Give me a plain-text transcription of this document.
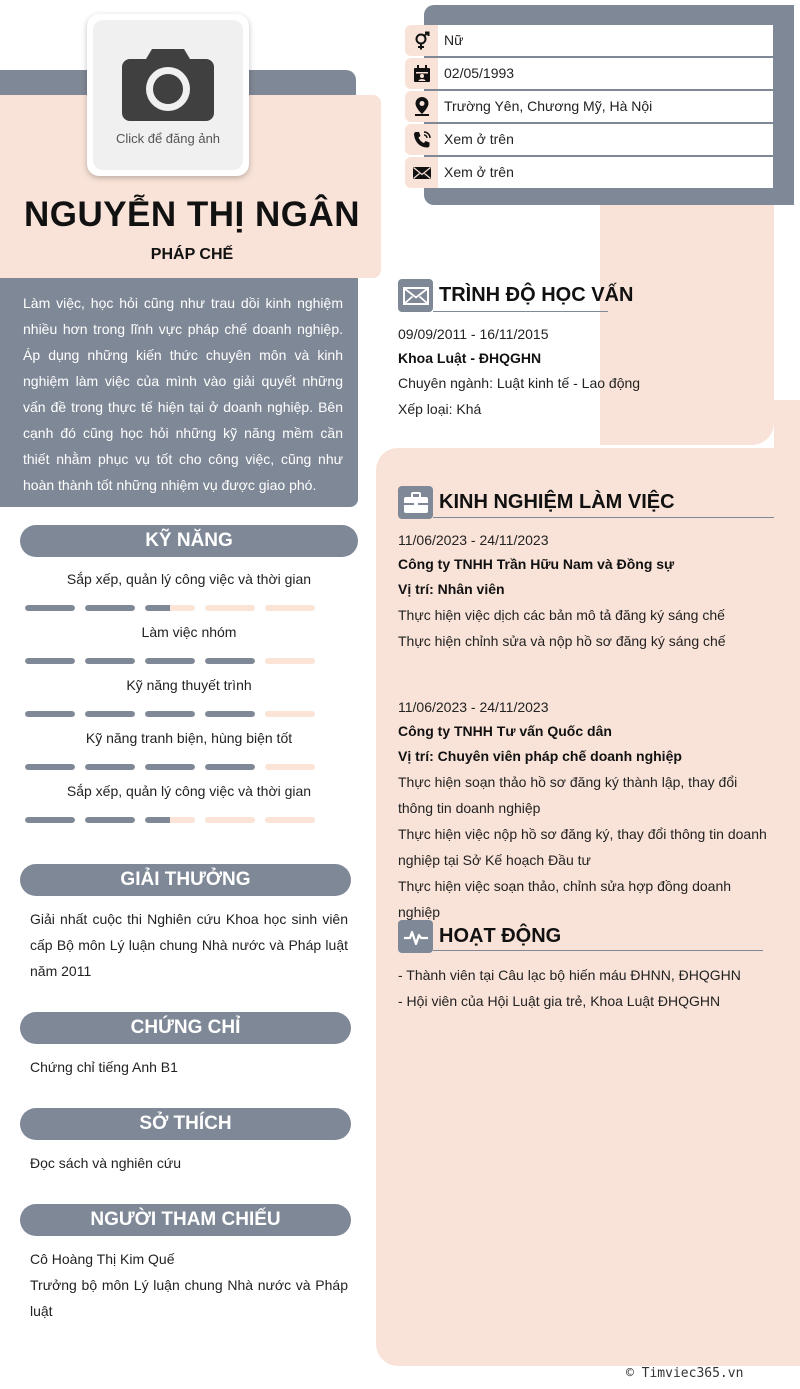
Click để đăng ảnh
NGUYỄN THỊ NGÂN
PHÁP CHẾ
Làm việc, học hỏi cũng như trau dồi kinh nghiệm nhiều hơn trong lĩnh vực pháp chế doanh nghiệp. Áp dụng những kiến thức chuyên môn và kinh nghiệm làm việc của mình vào giải quyết những vấn đề trong thực tế hiện tại ở doanh nghiệp. Bên cạnh đó cũng học hỏi những kỹ năng mềm cần thiết nhằm phục vụ tốt cho công việc, cũng như hoàn thành tốt những nhiệm vụ được giao phó.
Nữ
02/05/1993
Trường Yên, Chương Mỹ, Hà Nội
Xem ở trên
Xem ở trên
KỸ NĂNG
Sắp xếp, quản lý công việc và thời gian
Làm việc nhóm
Kỹ năng thuyết trình
Kỹ năng tranh biện, hùng biện tốt
Sắp xếp, quản lý công việc và thời gian
GIẢI THƯỞNG
Giải nhất cuộc thi Nghiên cứu Khoa học sinh viên cấp Bộ môn Lý luận chung Nhà nước và Pháp luật năm 2011
CHỨNG CHỈ
Chứng chỉ tiếng Anh B1
SỞ THÍCH
Đọc sách và nghiên cứu
NGƯỜI THAM CHIẾU
Cô Hoàng Thị Kim Quế
Trưởng bộ môn Lý luận chung Nhà nước và Pháp luật
TRÌNH ĐỘ HỌC VẤN
09/09/2011 - 16/11/2015
Khoa Luật - ĐHQGHN
Chuyên ngành: Luật kinh tế - Lao động
Xếp loại: Khá
KINH NGHIỆM LÀM VIỆC
11/06/2023 - 24/11/2023
Công ty TNHH Trần Hữu Nam và Đồng sự
Vị trí: Nhân viên
Thực hiện việc dịch các bản mô tả đăng ký sáng chế
Thực hiện chỉnh sửa và nộp hồ sơ đăng ký sáng chế
11/06/2023 - 24/11/2023
Công ty TNHH Tư vấn Quốc dân
Vị trí: Chuyên viên pháp chế doanh nghiệp
Thực hiện soạn thảo hồ sơ đăng ký thành lập, thay đổi thông tin doanh nghiệp
Thực hiện việc nộp hồ sơ đăng ký, thay đổi thông tin doanh nghiệp tại Sở Kế hoạch Đầu tư
Thực hiện việc soạn thảo, chỉnh sửa hợp đồng doanh nghiệp
HOẠT ĐỘNG
- Thành viên tại Câu lạc bộ hiến máu ĐHNN, ĐHQGHN
- Hội viên của Hội Luật gia trẻ, Khoa Luật ĐHQGHN
© Timviec365.vn
